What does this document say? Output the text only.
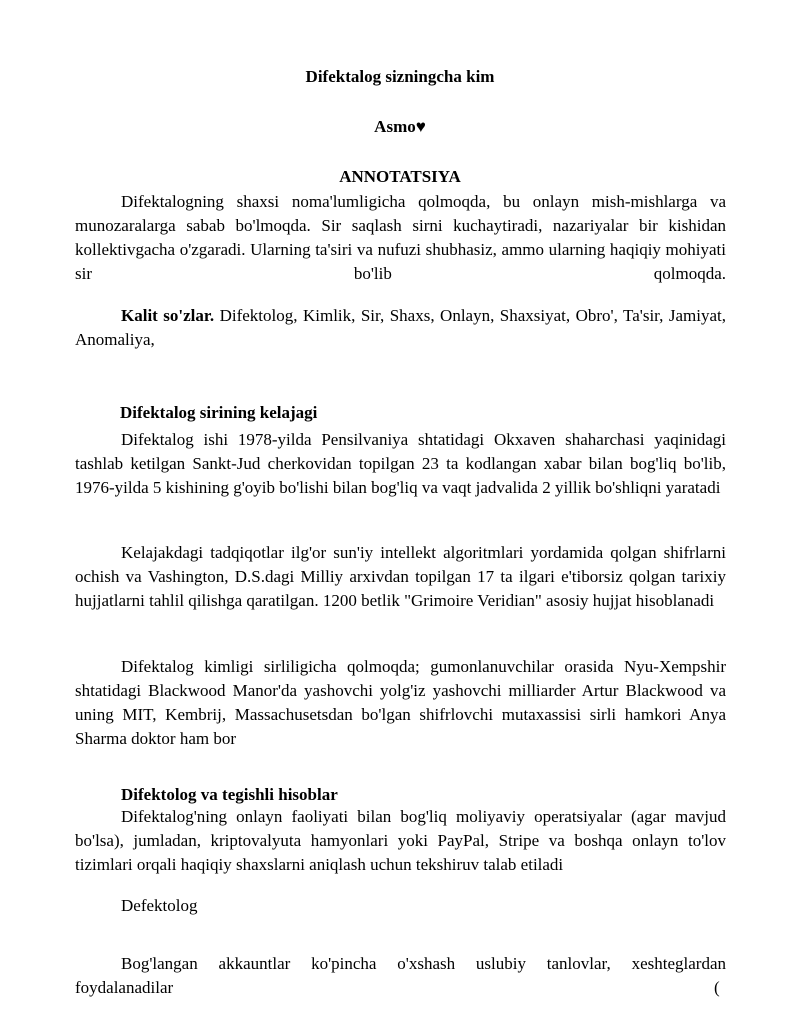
Difektalog sizningcha kim
Asmo♥
ANNOTATSIYA

Difektalogning shaxsi noma'lumligicha qolmoqda, bu onlayn mish-mishlarga va munozaralarga sabab bo'lmoqda. Sir saqlash sirni kuchaytiradi, nazariyalar bir kishidan kollektivgacha o'zgaradi. Ularning ta'siri va nufuzi shubhasiz, ammo ularning haqiqiy mohiyati sir bo'lib qolmoqda.

Kalit so'zlar. Difektolog, Kimlik, Sir, Shaxs, Onlayn, Shaxsiyat, Obro', Ta'sir, Jamiyat, Anomaliya,

Difektalog sirining kelajagi

Difektalog ishi 1978-yilda Pensilvaniya shtatidagi Okxaven shaharchasi yaqinidagi tashlab ketilgan Sankt-Jud cherkovidan topilgan 23 ta kodlangan xabar bilan bog'liq bo'lib, 1976-yilda 5 kishining g'oyib bo'lishi bilan bog'liq va vaqt jadvalida 2 yillik bo'shliqni yaratadi

Kelajakdagi tadqiqotlar ilg'or sun'iy intellekt algoritmlari yordamida qolgan shifrlarni ochish va Vashington, D.S.dagi Milliy arxivdan topilgan 17 ta ilgari e'tiborsiz qolgan tarixiy hujjatlarni tahlil qilishga qaratilgan. 1200 betlik "Grimoire Veridian" asosiy hujjat hisoblanadi

Difektalog kimligi sirliligicha qolmoqda; gumonlanuvchilar orasida Nyu-Xempshir shtatidagi Blackwood Manor'da yashovchi yolg'iz yashovchi milliarder Artur Blackwood va uning MIT, Kembrij, Massachusetsdan bo'lgan shifrlovchi mutaxassisi sirli hamkori Anya Sharma doktor ham bor

Difektolog va tegishli hisoblar

Difektalog'ning onlayn faoliyati bilan bog'liq moliyaviy operatsiyalar (agar mavjud bo'lsa), jumladan, kriptovalyuta hamyonlari yoki PayPal, Stripe va boshqa onlayn to'lov tizimlari orqali haqiqiy shaxslarni aniqlash uchun tekshiruv talab etiladi

Defektolog

Bog'langan akkauntlar ko'pincha o'xshash uslubiy tanlovlar, xeshteglardan foydalanadilar	(
